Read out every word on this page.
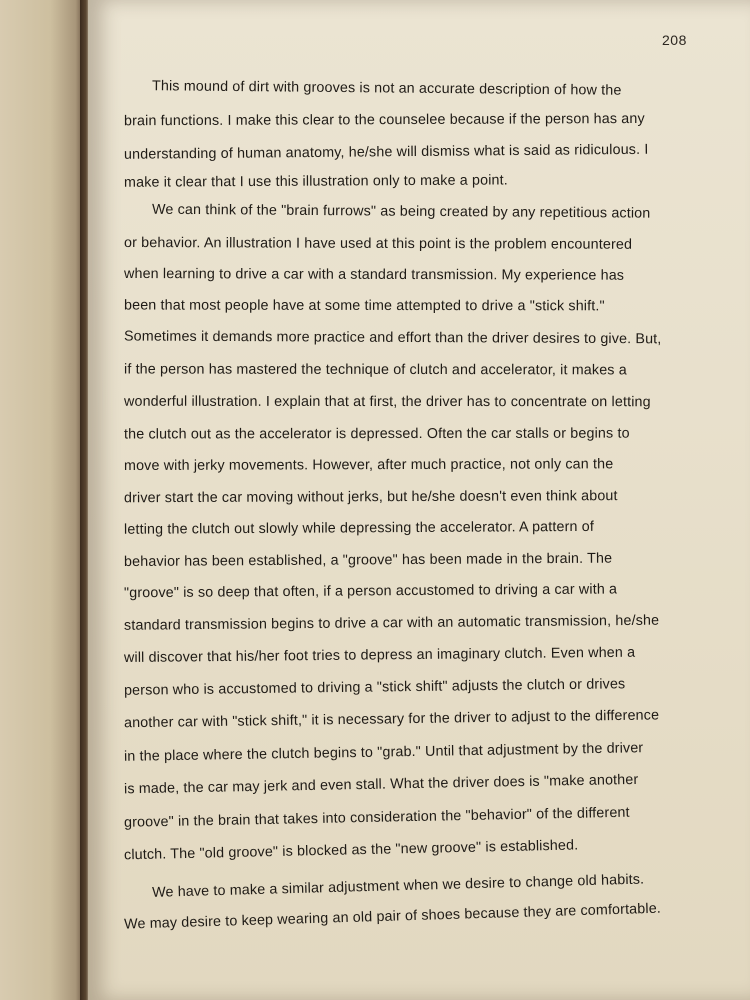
208
This mound of dirt with grooves is not an accurate description of how the
brain functions. I make this clear to the counselee because if the person has any
understanding of human anatomy, he/she will dismiss what is said as ridiculous. I
make it clear that I use this illustration only to make a point.
We can think of the "brain furrows" as being created by any repetitious action
or behavior. An illustration I have used at this point is the problem encountered
when learning to drive a car with a standard transmission. My experience has
been that most people have at some time attempted to drive a "stick shift."
Sometimes it demands more practice and effort than the driver desires to give. But,
if the person has mastered the technique of clutch and accelerator, it makes a
wonderful illustration. I explain that at first, the driver has to concentrate on letting
the clutch out as the accelerator is depressed. Often the car stalls or begins to
move with jerky movements. However, after much practice, not only can the
driver start the car moving without jerks, but he/she doesn't even think about
letting the clutch out slowly while depressing the accelerator. A pattern of
behavior has been established, a "groove" has been made in the brain. The
"groove" is so deep that often, if a person accustomed to driving a car with a
standard transmission begins to drive a car with an automatic transmission, he/she
will discover that his/her foot tries to depress an imaginary clutch. Even when a
person who is accustomed to driving a "stick shift" adjusts the clutch or drives
another car with "stick shift," it is necessary for the driver to adjust to the difference
in the place where the clutch begins to "grab." Until that adjustment by the driver
is made, the car may jerk and even stall. What the driver does is "make another
groove" in the brain that takes into consideration the "behavior" of the different
clutch. The "old groove" is blocked as the "new groove" is established.
We have to make a similar adjustment when we desire to change old habits.
We may desire to keep wearing an old pair of shoes because they are comfortable.
